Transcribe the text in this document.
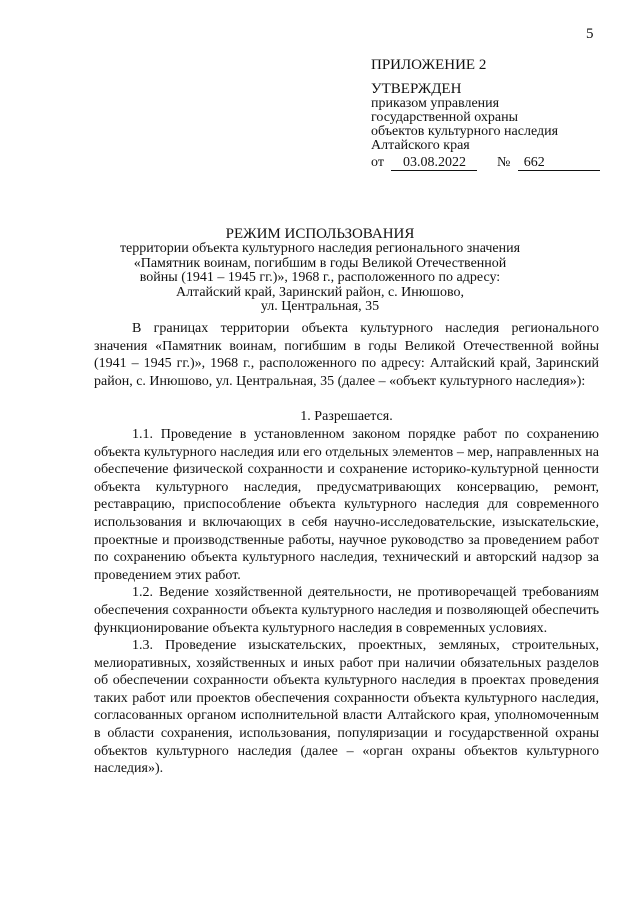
5
ПРИЛОЖЕНИЕ 2
УТВЕРЖДЕН
приказом управления
государственной охраны
объектов культурного наследия
Алтайского края
от 03.08.2022 № 662
РЕЖИМ ИСПОЛЬЗОВАНИЯ
территории объекта культурного наследия регионального значения
«Памятник воинам, погибшим в годы Великой Отечественной
войны (1941 – 1945 гг.)», 1968 г., расположенного по адресу:
Алтайский край, Заринский район, с. Инюшово,
ул. Центральная, 35

В границах территории объекта культурного наследия регионального значения «Памятник воинам, погибшим в годы Великой Отечественной войны (1941 – 1945 гг.)», 1968 г., расположенного по адресу: Алтайский край, Заринский район, с. Инюшово, ул. Центральная, 35 (далее – «объект культурного наследия»):

1. Разрешается.

1.1. Проведение в установленном законом порядке работ по сохранению объекта культурного наследия или его отдельных элементов – мер, направленных на обеспечение физической сохранности и сохранение историко-культурной ценности объекта культурного наследия, предусматривающих консервацию, ремонт, реставрацию, приспособление объекта культурного наследия для современного использования и включающих в себя научно-исследовательские, изыскательские, проектные и производственные работы, научное руководство за проведением работ по сохранению объекта культурного наследия, технический и авторский надзор за проведением этих работ.

1.2. Ведение хозяйственной деятельности, не противоречащей требованиям обеспечения сохранности объекта культурного наследия и позволяющей обеспечить функционирование объекта культурного наследия в современных условиях.

1.3. Проведение изыскательских, проектных, земляных, строительных, мелиоративных, хозяйственных и иных работ при наличии обязательных разделов об обеспечении сохранности объекта культурного наследия в проектах проведения таких работ или проектов обеспечения сохранности объекта культурного наследия, согласованных органом исполнительной власти Алтайского края, уполномоченным в области сохранения, использования, популяризации и государственной охраны объектов культурного наследия (далее – «орган охраны объектов культурного наследия»).
